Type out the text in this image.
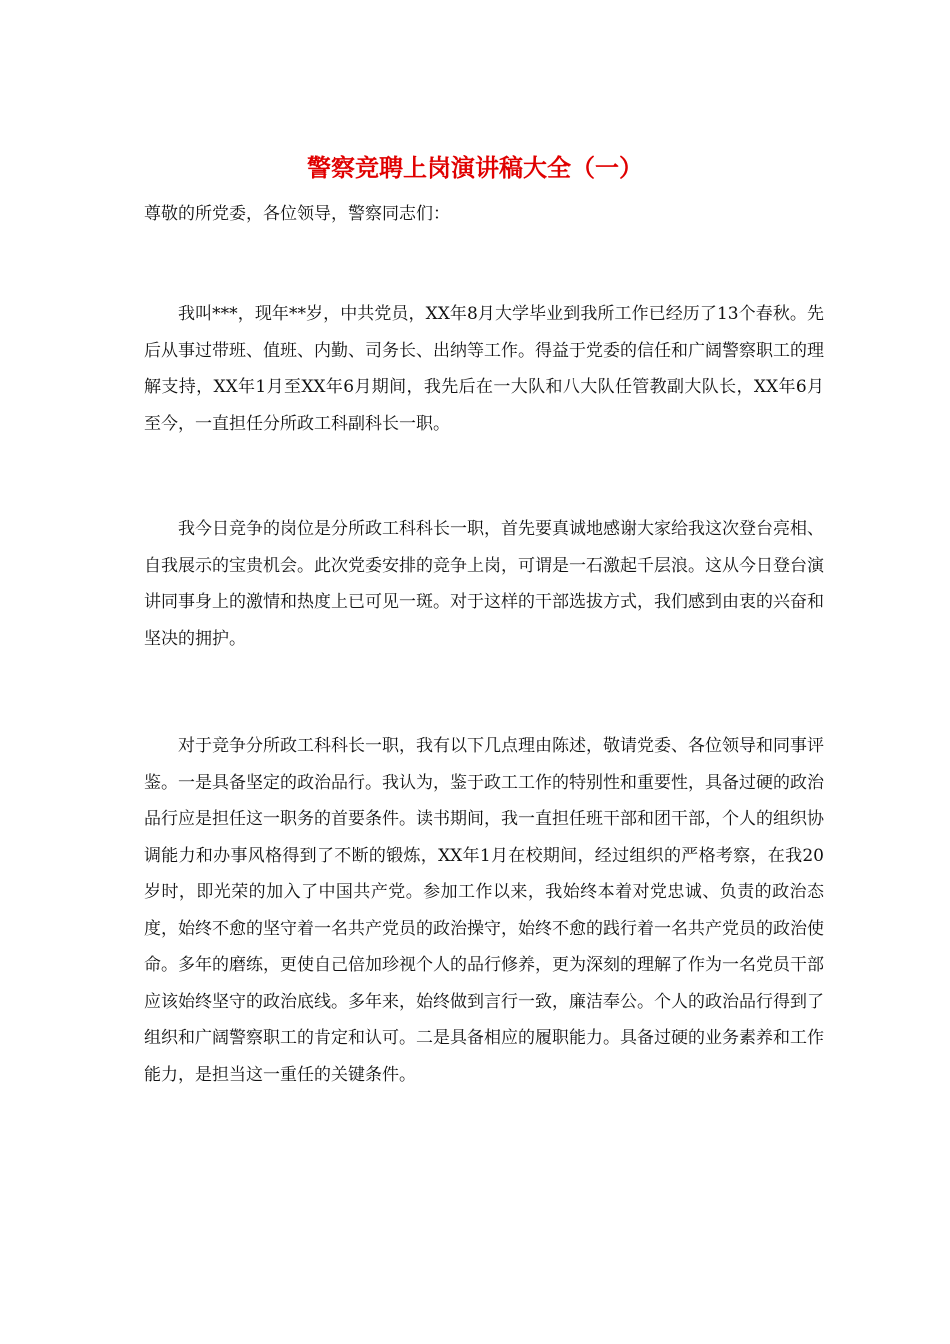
警察竞聘上岗演讲稿大全（一）
尊敬的所党委，各位领导，警察同志们：

我叫***，现年**岁，中共党员，XX年8月大学毕业到我所工作已经历了13个春秋。先后从事过带班、值班、内勤、司务长、出纳等工作。得益于党委的信任和广阔警察职工的理解支持，XX年1月至XX年6月期间，我先后在一大队和八大队任管教副大队长，XX年6月至今，一直担任分所政工科副科长一职。

我今日竞争的岗位是分所政工科科长一职，首先要真诚地感谢大家给我这次登台亮相、自我展示的宝贵机会。此次党委安排的竞争上岗，可谓是一石激起千层浪。这从今日登台演讲同事身上的激情和热度上已可见一斑。对于这样的干部选拔方式，我们感到由衷的兴奋和坚决的拥护。

对于竞争分所政工科科长一职，我有以下几点理由陈述，敬请党委、各位领导和同事评鉴。一是具备坚定的政治品行。我认为，鉴于政工工作的特别性和重要性，具备过硬的政治品行应是担任这一职务的首要条件。读书期间，我一直担任班干部和团干部，个人的组织协调能力和办事风格得到了不断的锻炼，XX年1月在校期间，经过组织的严格考察，在我20岁时，即光荣的加入了中国共产党。参加工作以来，我始终本着对党忠诚、负责的政治态度，始终不愈的坚守着一名共产党员的政治操守，始终不愈的践行着一名共产党员的政治使命。多年的磨练，更使自己倍加珍视个人的品行修养，更为深刻的理解了作为一名党员干部应该始终坚守的政治底线。多年来，始终做到言行一致，廉洁奉公。个人的政治品行得到了组织和广阔警察职工的肯定和认可。二是具备相应的履职能力。具备过硬的业务素养和工作能力，是担当这一重任的关键条件。
